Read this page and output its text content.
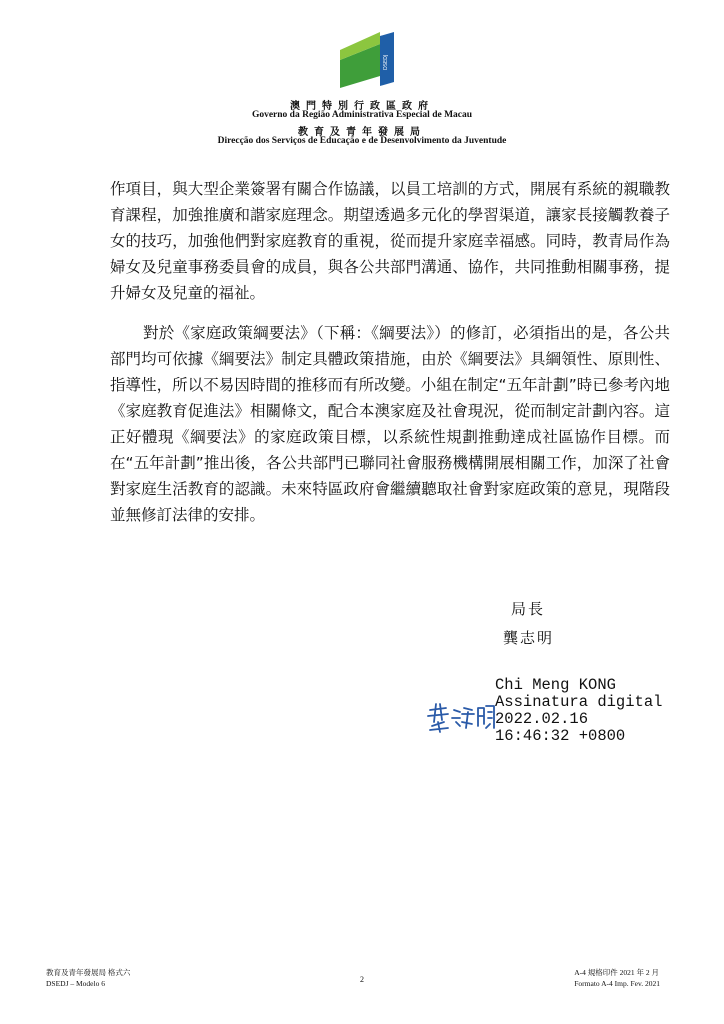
DSEDJ
澳門特別行政區政府
Governo da Região Administrativa Especial de Macau
教育及青年發展局
Direcção dos Serviços de Educação e de Desenvolvimento da Juventude

作項目，與大型企業簽署有關合作協議，以員工培訓的方式，開展有系統的親職教育課程，加強推廣和諧家庭理念。期望透過多元化的學習渠道，讓家長接觸教養子女的技巧，加強他們對家庭教育的重視，從而提升家庭幸福感。同時，教青局作為婦女及兒童事務委員會的成員，與各公共部門溝通、協作，共同推動相關事務，提升婦女及兒童的福祉。

對於《家庭政策綱要法》（下稱：《綱要法》）的修訂，必須指出的是，各公共部門均可依據《綱要法》制定具體政策措施，由於《綱要法》具綱領性、原則性、指導性，所以不易因時間的推移而有所改變。小組在制定“五年計劃”時已參考內地《家庭教育促進法》相關條文，配合本澳家庭及社會現況，從而制定計劃內容。這正好體現《綱要法》的家庭政策目標，以系統性規劃推動達成社區協作目標。而在“五年計劃”推出後，各公共部門已聯同社會服務機構開展相關工作，加深了社會對家庭生活教育的認識。未來特區政府會繼續聽取社會對家庭政策的意見，現階段並無修訂法律的安排。

局長
龔志明
Chi Meng KONG
Assinatura digital
2022.02.16
16:46:32 +0800
教育及青年發展局 格式六
DSEDJ – Modelo 6	2
A-4 規格印件 2021 年 2 月
Formato A-4 Imp. Fev. 2021
